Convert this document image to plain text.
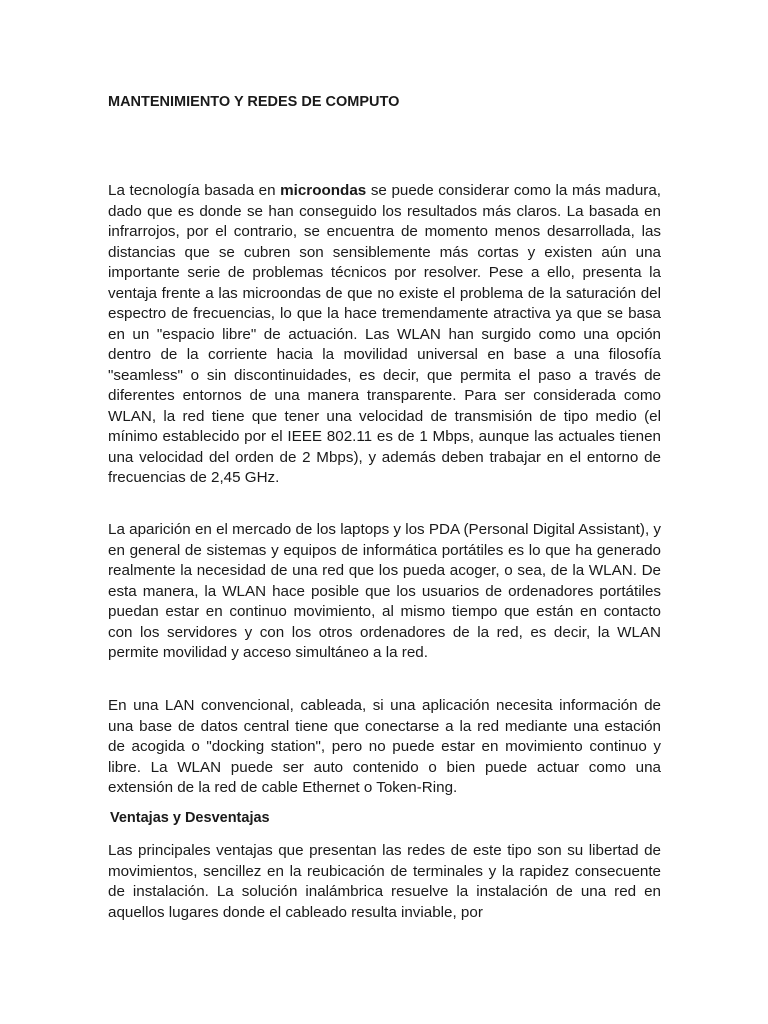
MANTENIMIENTO Y REDES DE COMPUTO

La tecnología basada en microondas se puede considerar como la más madura, dado que es donde se han conseguido los resultados más claros. La basada en infrarrojos, por el contrario, se encuentra de momento menos desarrollada, las distancias que se cubren son sensiblemente más cortas y existen aún una importante serie de problemas técnicos por resolver. Pese a ello, presenta la ventaja frente a las microondas de que no existe el problema de la saturación del espectro de frecuencias, lo que la hace tremendamente atractiva ya que se basa en un "espacio libre" de actuación. Las WLAN han surgido como una opción dentro de la corriente hacia la movilidad universal en base a una filosofía "seamless" o sin discontinuidades, es decir, que permita el paso a través de diferentes entornos de una manera transparente. Para ser considerada como WLAN, la red tiene que tener una velocidad de transmisión de tipo medio (el mínimo establecido por el IEEE 802.11 es de 1 Mbps, aunque las actuales tienen una velocidad del orden de 2 Mbps), y además deben trabajar en el entorno de frecuencias de 2,45 GHz.

La aparición en el mercado de los laptops y los PDA (Personal Digital Assistant), y en general de sistemas y equipos de informática portátiles es lo que ha generado realmente la necesidad de una red que los pueda acoger, o sea, de la WLAN. De esta manera, la WLAN hace posible que los usuarios de ordenadores portátiles puedan estar en continuo movimiento, al mismo tiempo que están en contacto con los servidores y con los otros ordenadores de la red, es decir, la WLAN permite movilidad y acceso simultáneo a la red.

En una LAN convencional, cableada, si una aplicación necesita información de una base de datos central tiene que conectarse a la red mediante una estación de acogida o "docking station", pero no puede estar en movimiento continuo y libre. La WLAN puede ser auto contenido o bien puede actuar como una extensión de la red de cable Ethernet o Token-Ring.

Ventajas y Desventajas

Las principales ventajas que presentan las redes de este tipo son su libertad de movimientos, sencillez en la reubicación de terminales y la rapidez consecuente de instalación. La solución inalámbrica resuelve la instalación de una red en aquellos lugares donde el cableado resulta inviable, por
